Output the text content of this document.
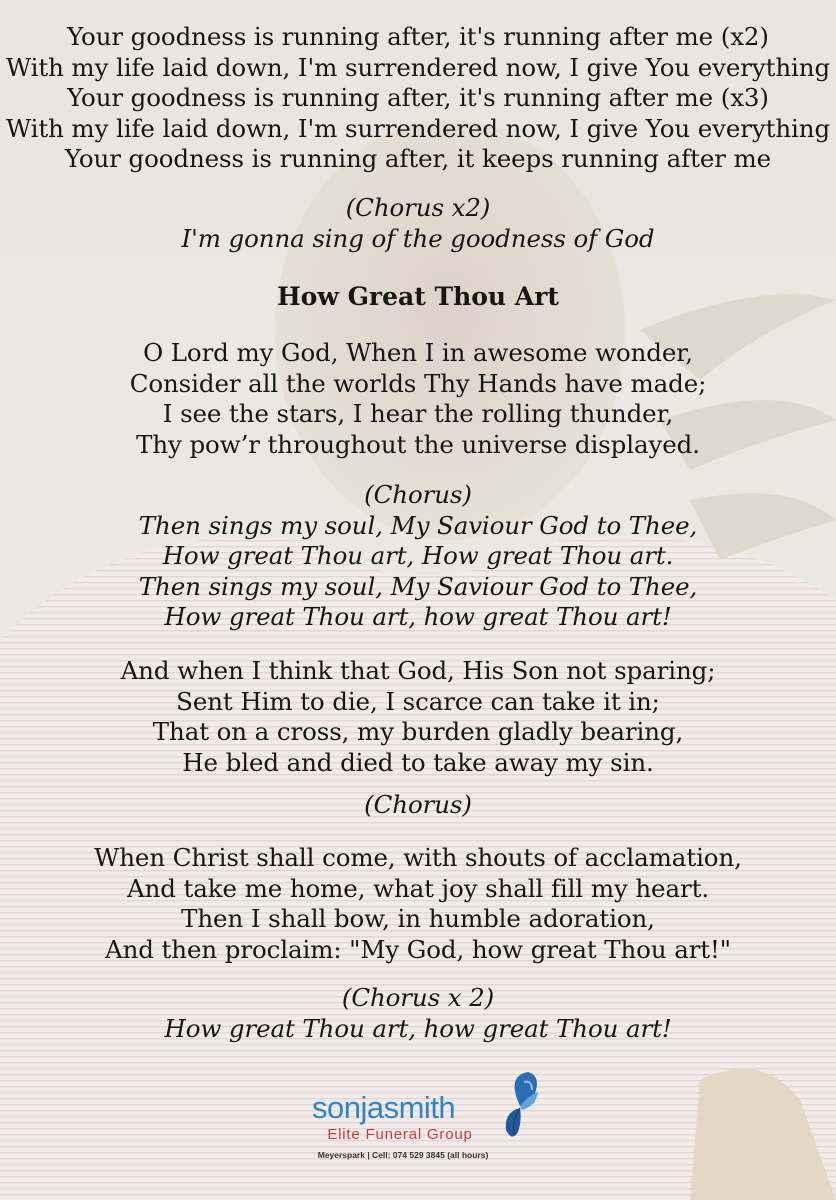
Your goodness is running after, it's running after me (x2)
With my life laid down, I'm surrendered now, I give You everything
Your goodness is running after, it's running after me (x3)
With my life laid down, I'm surrendered now, I give You everything
Your goodness is running after, it keeps running after me
(Chorus x2)
I'm gonna sing of the goodness of God
How Great Thou Art
O Lord my God, When I in awesome wonder,
Consider all the worlds Thy Hands have made;
I see the stars, I hear the rolling thunder,
Thy pow’r throughout the universe displayed.
(Chorus)
Then sings my soul, My Saviour God to Thee,
How great Thou art, How great Thou art.
Then sings my soul, My Saviour God to Thee,
How great Thou art, how great Thou art!
And when I think that God, His Son not sparing;
Sent Him to die, I scarce can take it in;
That on a cross, my burden gladly bearing,
He bled and died to take away my sin.
(Chorus)
When Christ shall come, with shouts of acclamation,
And take me home, what joy shall fill my heart.
Then I shall bow, in humble adoration,
And then proclaim: "My God, how great Thou art!"
(Chorus x 2)
How great Thou art, how great Thou art!
sonjasmith
Elite Funeral Group
Meyerspark | Cell: 074 529 3845 (all hours)
